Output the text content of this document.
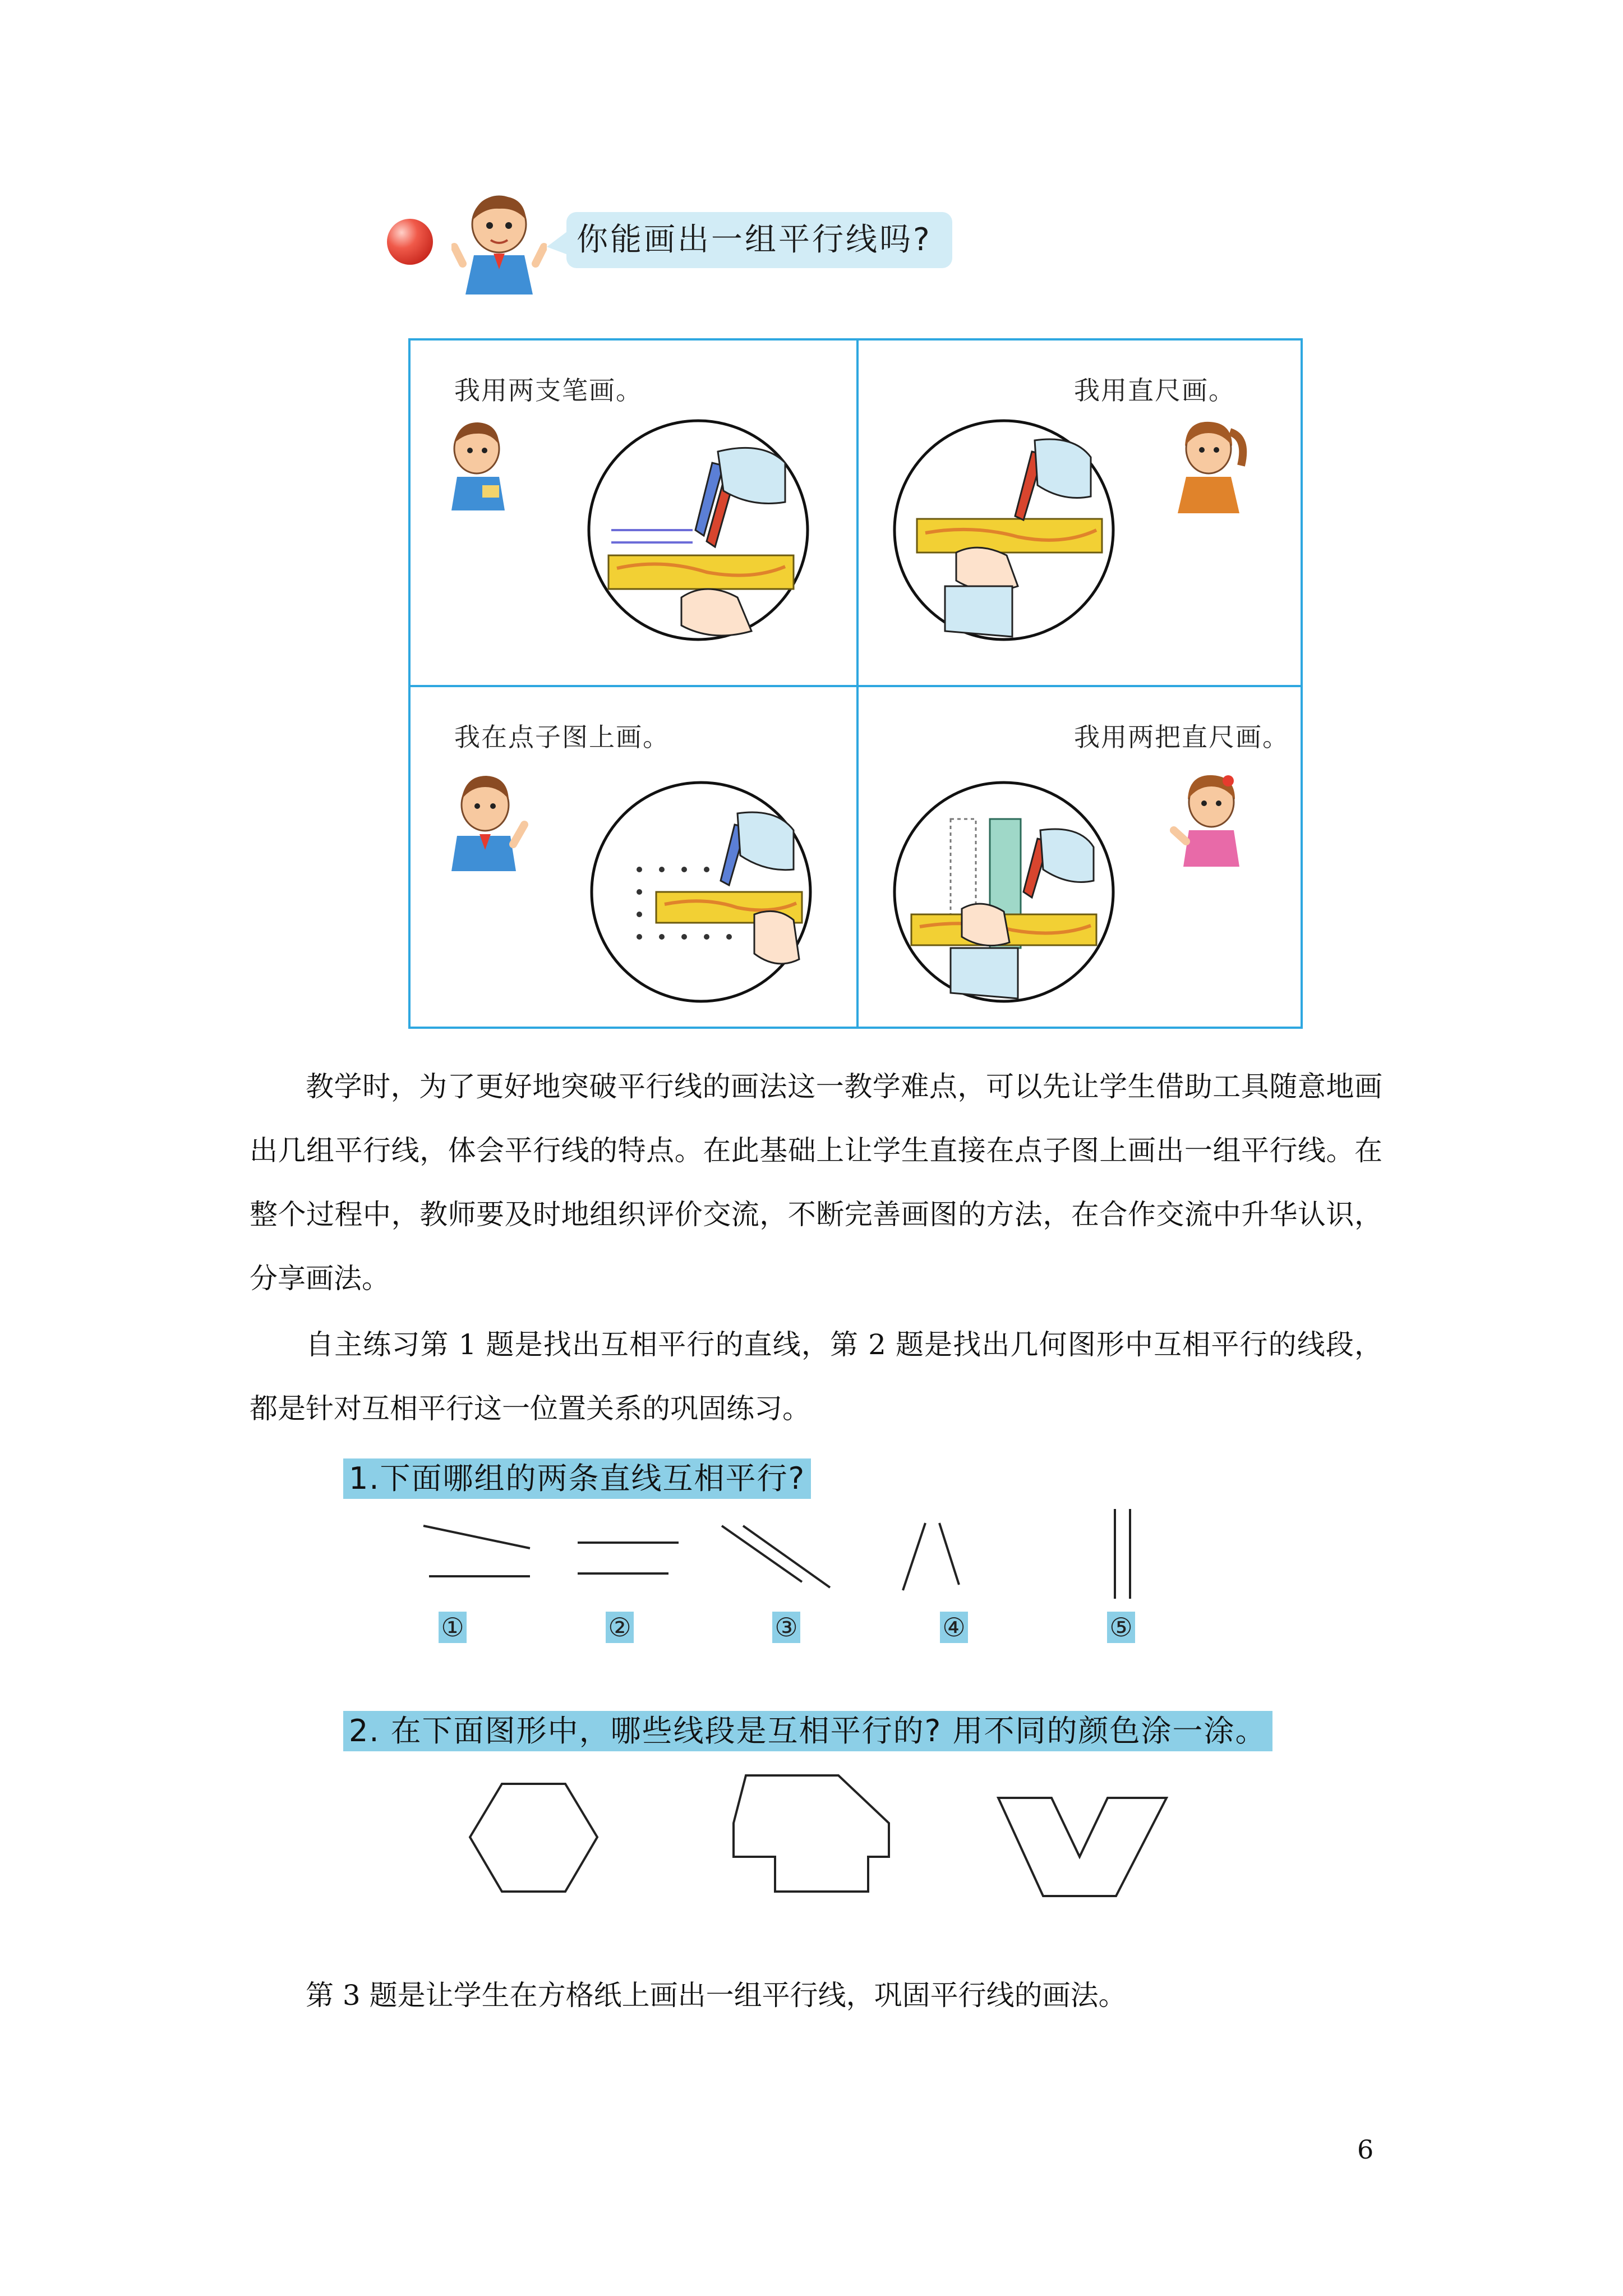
你能画出一组平行线吗?
我用两支笔画。	我用直尺画。
我在点子图上画。	我用两把直尺画。
教学时，为了更好地突破平行线的画法这一教学难点，可以先让学生借助工具随意地画出几组平行线，体会平行线的特点。在此基础上让学生直接在点子图上画出一组平行线。在整个过程中，教师要及时地组织评价交流，不断完善画图的方法，在合作交流中升华认识，分享画法。
自主练习第 1 题是找出互相平行的直线，第 2 题是找出几何图形中互相平行的线段，都是针对互相平行这一位置关系的巩固练习。
1.下面哪组的两条直线互相平行?
①	②	③	④	⑤
2. 在下面图形中，哪些线段是互相平行的? 用不同的颜色涂一涂。
第 3 题是让学生在方格纸上画出一组平行线，巩固平行线的画法。
6
